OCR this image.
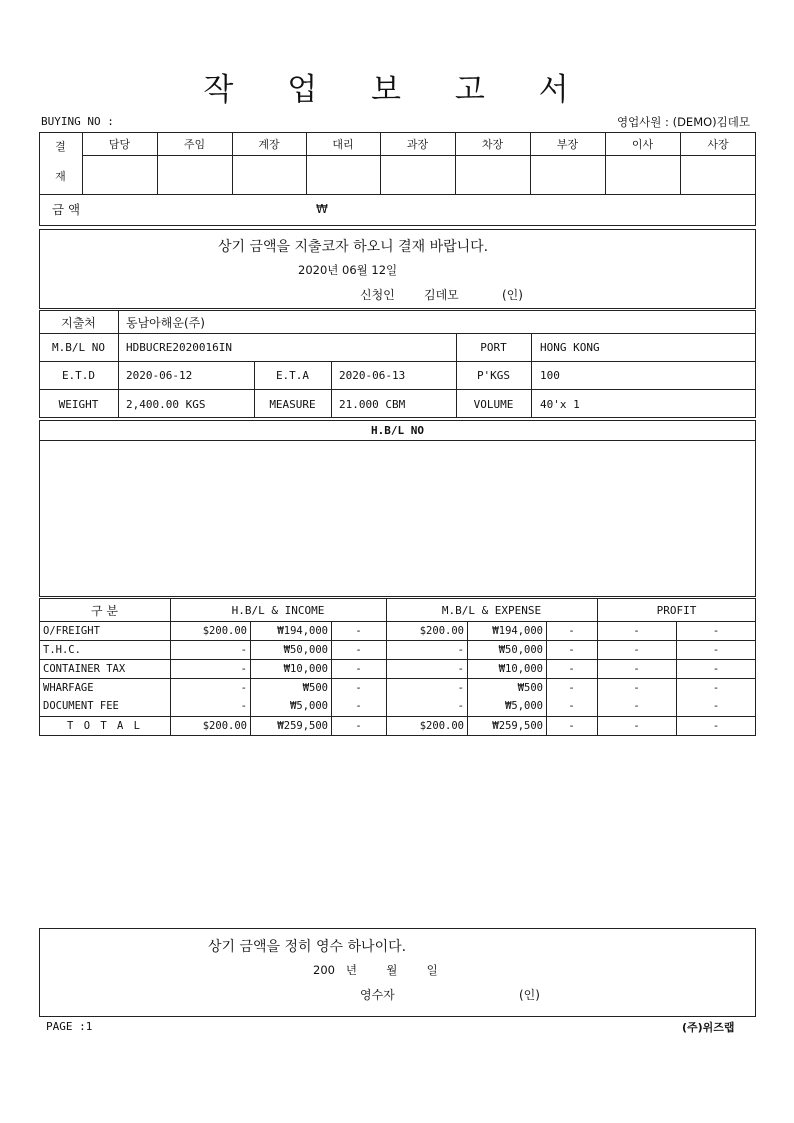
작 업 보 고 서
BUYING NO :	영업사원 : (DEMO)김데모
결
재
담당	주임	계장	대리	과장	차장	부장	이사	사장
금 액	₩
상기 금액을 지출코자 하오니 결재 바랍니다.
2020년 06월 12일
신청인 김데모	(인)
지출처	동남아해운(주)
M.B/L NO	HDBUCRE2020016IN	PORT	HONG KONG
E.T.D	2020-06-12	E.T.A	2020-06-13	P'KGS	100
WEIGHT	2,400.00 KGS	MEASURE	21.000 CBM	VOLUME	40'x 1
H.B/L NO
구 분	H.B/L & INCOME	M.B/L & EXPENSE	PROFIT
O/FREIGHT	$200.00	₩194,000	-	$200.00	₩194,000	-	-	-
T.H.C.	-	₩50,000	-	-	₩50,000	-	-	-
CONTAINER TAX	-	₩10,000	-	-	₩10,000	-	-	-
WHARFAGE	-	₩500	-	-	₩500	-	-	-
DOCUMENT FEE	-	₩5,000	-	-	₩5,000	-	-	-
T O T A L	$200.00	₩259,500	-	$200.00	₩259,500	-	-	-
상기 금액을 정히 영수 하나이다.
200   년        월        일
영수자	(인)
PAGE :1	(주)위즈랩
